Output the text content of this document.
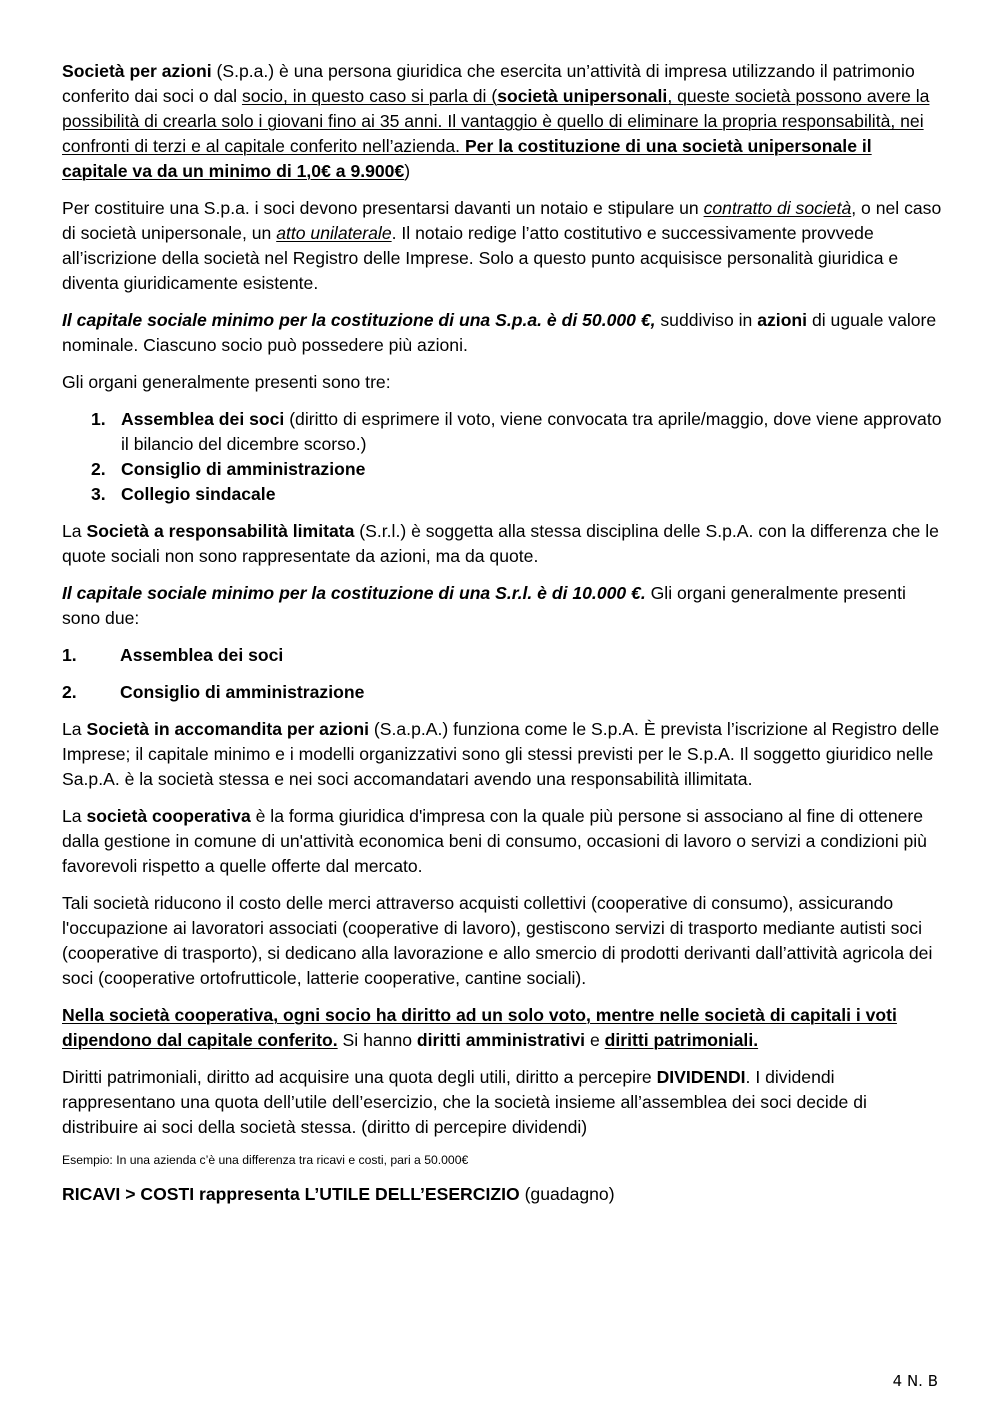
Società per azioni (S.p.a.) è una persona giuridica che esercita un’attività di impresa utilizzando il patrimonio conferito dai soci o dal socio, in questo caso si parla di (società unipersonali, queste società possono avere la possibilità di crearla solo i giovani fino ai 35 anni. Il vantaggio è quello di eliminare la propria responsabilità, nei confronti di terzi e al capitale conferito nell’azienda. Per la costituzione di una società unipersonale il capitale va da un minimo di 1,0€ a 9.900€)

Per costituire una S.p.a. i soci devono presentarsi davanti un notaio e stipulare un contratto di società, o nel caso di società unipersonale, un atto unilaterale. Il notaio redige l’atto costitutivo e successivamente provvede all’iscrizione della società nel Registro delle Imprese. Solo a questo punto acquisisce personalità giuridica e diventa giuridicamente esistente.

Il capitale sociale minimo per la costituzione di una S.p.a. è di 50.000 €, suddiviso in azioni di uguale valore nominale. Ciascuno socio può possedere più azioni.

Gli organi generalmente presenti sono tre:

1. Assemblea dei soci (diritto di esprimere il voto, viene convocata tra aprile/maggio, dove viene approvato il bilancio del dicembre scorso.)
2. Consiglio di amministrazione
3. Collegio sindacale

La Società a responsabilità limitata (S.r.l.) è soggetta alla stessa disciplina delle S.p.A. con la differenza che le quote sociali non sono rappresentate da azioni, ma da quote.

Il capitale sociale minimo per la costituzione di una S.r.l. è di 10.000 €. Gli organi generalmente presenti sono due:

1. Assemblea dei soci
2. Consiglio di amministrazione

La Società in accomandita per azioni (S.a.p.A.) funziona come le S.p.A. È prevista l’iscrizione al Registro delle Imprese; il capitale minimo e i modelli organizzativi sono gli stessi previsti per le S.p.A. Il soggetto giuridico nelle Sa.p.A. è la società stessa e nei soci accomandatari avendo una responsabilità illimitata.

La società cooperativa è la forma giuridica d'impresa con la quale più persone si associano al fine di ottenere dalla gestione in comune di un'attività economica beni di consumo, occasioni di lavoro o servizi a condizioni più favorevoli rispetto a quelle offerte dal mercato.

Tali società riducono il costo delle merci attraverso acquisti collettivi (cooperative di consumo), assicurando l'occupazione ai lavoratori associati (cooperative di lavoro), gestiscono servizi di trasporto mediante autisti soci (cooperative di trasporto), si dedicano alla lavorazione e allo smercio di prodotti derivanti dall’attività agricola dei soci (cooperative ortofrutticole, latterie cooperative, cantine sociali).

Nella società cooperativa, ogni socio ha diritto ad un solo voto, mentre nelle società di capitali i voti dipendono dal capitale conferito. Si hanno diritti amministrativi e diritti patrimoniali.

Diritti patrimoniali, diritto ad acquisire una quota degli utili, diritto a percepire DIVIDENDI. I dividendi rappresentano una quota dell’utile dell’esercizio, che la società insieme all’assemblea dei soci decide di distribuire ai soci della società stessa. (diritto di percepire dividendi)

Esempio: In una azienda c’è una differenza tra ricavi e costi, pari a 50.000€

RICAVI > COSTI rappresenta L’UTILE DELL’ESERCIZIO (guadagno)

4 N. B
